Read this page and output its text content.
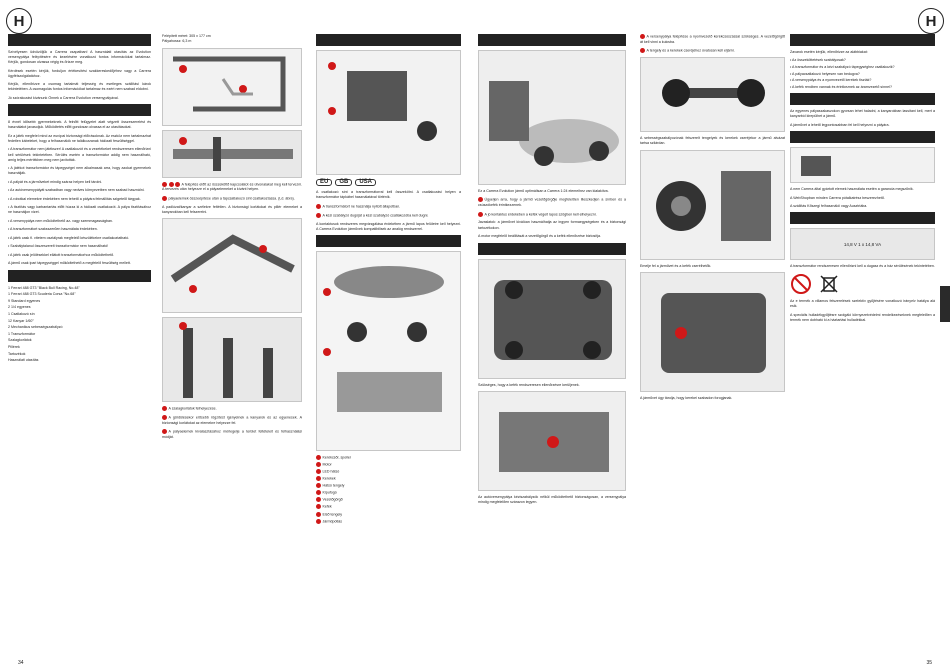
H	H

Szívélyesen üdvözöljük a Carrera csapatban! A használati utasítás az Evolution versenypálya felépítésére és kezelésére vonatkozó fontos információkat tartalmaz. Kérjük, gondosan olvassa végig és őrizze meg.

Kérdések esetén kérjük, forduljon értékesítési szakkereskedőjéhez vagy a Carrera ügyfélszolgálatához.

Kérjük, ellenőrizze a csomag tartalmát teljesség és esetleges szállítási károk tekintetében. A csomagolás fontos információkat tartalmaz és ezért nem szabad eldobni.

Jó szórakozást kívánunk Önnek a Carrera Evolution versenypályával.

8 évnél idősebb gyermekeknek. A felnőtt felügyelet alatt végzett összeszerelést és használatot javasoljuk. Működtetés előtt gondosan olvassa el az utasításokat.

Ez a játék megfelel mind az európai biztonsági előírásoknak. Az eszköz nem tartalmazhat fedetlen kábeleket, hogy a felhasználók ne találkozzanak hálózati feszültséggel.

• A transzformátor nem játékszer! A csatlakozót és a vezetékeket rendszeresen ellenőrizni kell sérülések tekintetében. Sérülés esetén a transzformátor addig nem használható, amíg teljes mértékben meg nem javították.

• A játékot transzformátor és tápegységei nem alkalmasak arra, hogy azokat gyermekek használják.

• A pályát és a járműveket mindig száraz helyen kell tárolni.

• Az autóversenypályát szabadban vagy nedves környezetben nem szabad használni.

• A robotkai elemekre érdekében nem tehető a pályára felmállítás szigetelő tárgyak.

• A tisztítás vagy karbantartás előtt húzza ki a hálózati csatlakozót. A pálya tisztításához ne használjon vizet.

• A versenypálya nem működtethető az- vagy szemmagasságban.

• A transzformátort szaksszerűen használata érdekében.

• A játék cask fi. vitetem osztályrak megfelelő készülékekre csatlakoztatható.

• Szabálytalanul összeszerelt transzformátor nem használható!

• A játék csak jelölésekkel ellátott transzformátorhoz működtethető.

A jármű csak ipari tápegységgel működtethető a megfelelő feszültség mellett.

1 Ferrari 488 GT3 "Black Bull Racing, No.48"
1 Ferrari 488 GT3 Scuderia Corsa "No.68"
9 Standard egyenes
2 1/4 egyenes
1 Csatlakozó sín
12 Kanyar 1/60°
2 Mechanikus sebességszabályzó
1 Transzformátor
Szalagkorlátok
Pillérek
Tartozékok
Használati utasítás

Felépített méret: 305 x 177 cm

Pályahossz: 6,3 m

A felépítés előtt az összeköttő kapcsolatot és útvonalakat meg kell tervezni. A tervezés után helyezze el a pályaelemeket a kívánt helyen.

pályaelemek összeépítése után a tápcsatlakozó sínt csatlakoztassa. (Ld. ábra).

A padlózat/kanyar a szélekre feltétlen. A biztonsági korlátokat és pillér elemeket a kanyarokban kell felszerelni.

A szalagkorlátok felhelyezése.

A gördülésekor erősebb rögzítést igényelnek a kanyarok és az egyenesek. A biztonsági korlátokat az elemekre helyezze fel.

A pályaelemek kiválasztásához mérlegelje a terület feltételeit és felhasználási módját.

EU GB USA

A csatlakozó sínt a transzformátorral kell összekötni. A csatlakozási helyen a transzformátor tápkábel használatával történik.

A transzformátort ne használja nyitott állapotban.

A kézi szabályzó dugóját a kézi szabályzó csatlakozóba kell dugni.

A kontaktusok rendszeres megvizsgálása érdekében a jármű lapos felületre kell helyezni. A Carrera Evolution járművek kompatibilisek az analóg rendszerrel.

Kerékcsőr, spoiler
Motor
LED hátsó
Kerekek
Hátsó tengely
Kipufogó
Vezetőgörgő
Kefék
Első tengely
Járműpótlás

Ez a Carrera Evolution jármű optimálisan a Carrera 1:24 elemeihez van kialakítva.

Ügyeljen arra, hogy a jármű vezetőgörgője megfelelően illeszkedjen a sínben és a csúszókefék érintkezzenek.

A jó kontaktus érdekében a kefék végeit lapos szögben kell elhelyezni.

Javaslatok: a járművet kiválóan használhatja az ingyen formaegységeken és a biztonsági tartozékokon.

A motor megfelelő beállítását a vezetőgörgő és a kefék ellenőrzése biztosítja.

Szükséges, hogy a kefék rendszeresen ellenőrzésre kerüljenek.

Az autóversenypálya kéziszabályzók nélkül működtethető biztonságosan, a versenypálya mindig megfelelően szárazon legyen.

A versenypálya felépítése a nyomvezető kerékcsúszással szükséges. A vezetőgörgőt át kell vinni a kulcsba.

A tengely és a kerekek cseréjéhez óvatosan kell eljárni.

A sebességszabályozónak felszerelt tengelyek és kerekek cseréjekor a jármű alvázat tartsa szilárdan.

Emelje fel a járművet és a kefék cserélhetők.

A járművet úgy tárolja, hogy kerekei szabadon forogjanak.

Zavarok esetén kérjük, ellenőrizze az alábbiakat:

• Az összeköttetések szabályosak?
• A transzformátor és a kézi szabályzó tápegységhez csatlakozik?
• A pályacsatlakozó helyesen van bedugva?
• A versenypálya és a nyomvezető kerekek tiszták?
• A kefék rendben vannak és érintkeznek az áramvezető sínnel?

Az egyenes pályaszakaszokon gyorsan lehet haladni, a kanyarokban lassítani kell, mert a kanyarból kirepülhet a jármű.

A járművet a lehető legpontosabban fel kell helyezni a pályára.

A nem Carrera által gyártott elemek használata esetén a garancia megszűnik.

A WebShopban minden Carrera pótalkatrész beszerezhető.

A szállítás Kőszegi felhasználói vagy Ausztriába.

14,8 V 1 x 14,8 VA

A transzformátor rendszeresen ellenőrizni kell a dugasz és a ház sérülésének tekintetében.

Az e termék a villamos felszerelések szelektív gyűjtésére vonatkozó irányelv hatálya alá esik.

A speciális hulladékgyűjtésre szolgáló környezetvédelmi rendelkezéseknek megfelelően a termék nem dobható ki a háztartási hulladékkal.

34	35
